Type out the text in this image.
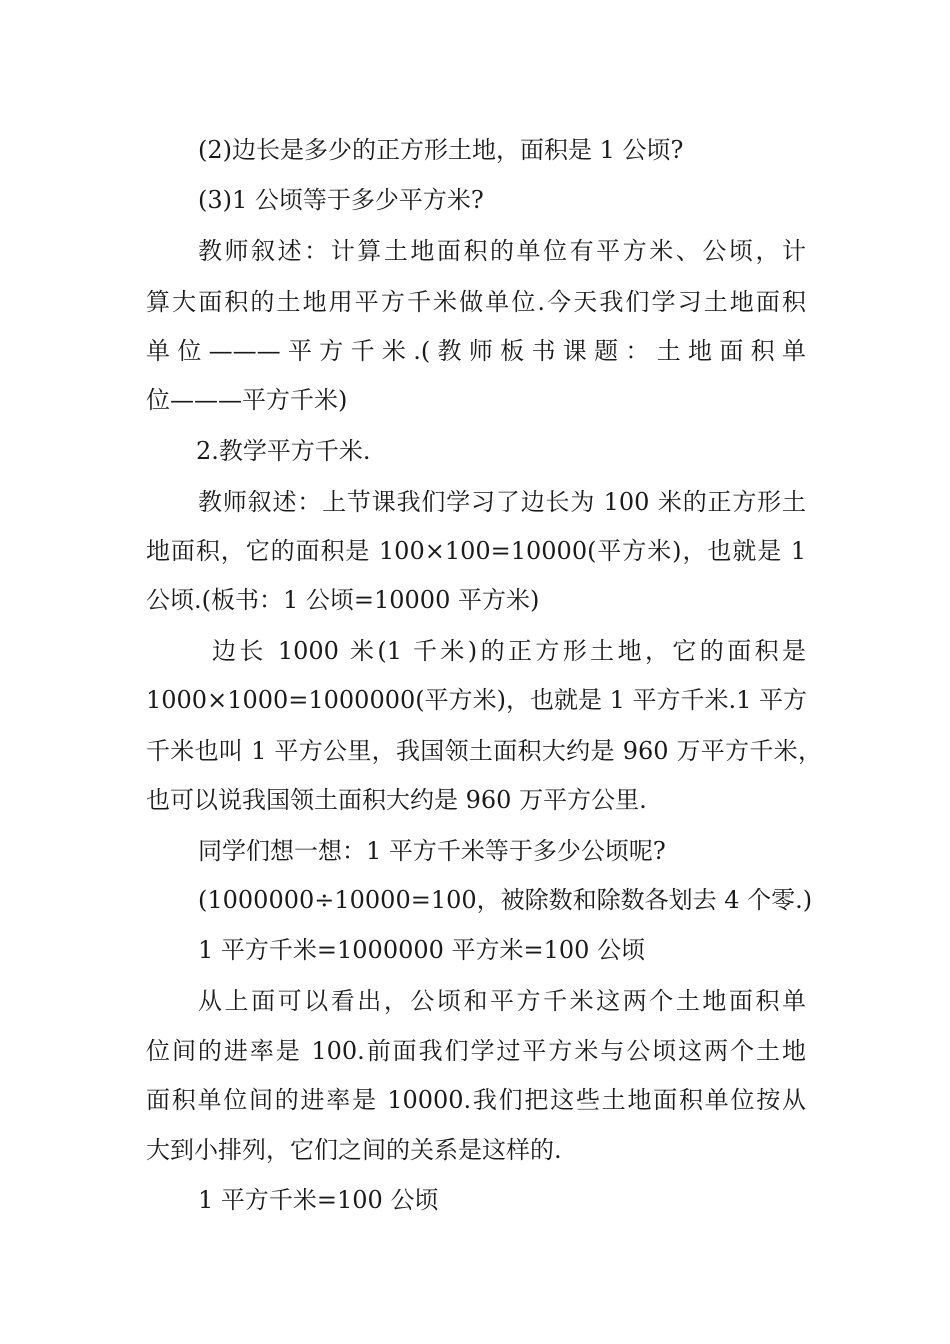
(2)边长是多少的正方形土地，面积是 1 公顷?
(3)1 公顷等于多少平方米?
教师叙述：计算土地面积的单位有平方米、公顷，计
算大面积的土地用平方千米做单位.今天我们学习土地面积
单位———平方千米.(教师板书课题：土地面积单
位———平方千米)
2.教学平方千米.
教师叙述：上节课我们学习了边长为 100 米的正方形土
地面积，它的面积是 100×100=10000(平方米)，也就是 1
公顷.(板书：1 公顷=10000 平方米)
边长 1000 米(1 千米)的正方形土地，它的面积是
1000×1000=1000000(平方米)，也就是 1 平方千米.1 平方
千米也叫 1 平方公里，我国领土面积大约是 960 万平方千米，
也可以说我国领土面积大约是 960 万平方公里.
同学们想一想：1 平方千米等于多少公顷呢?
(1000000÷10000=100，被除数和除数各划去 4 个零.)
1 平方千米=1000000 平方米=100 公顷
从上面可以看出，公顷和平方千米这两个土地面积单
位间的进率是 100.前面我们学过平方米与公顷这两个土地
面积单位间的进率是 10000.我们把这些土地面积单位按从
大到小排列，它们之间的关系是这样的.
1 平方千米=100 公顷
